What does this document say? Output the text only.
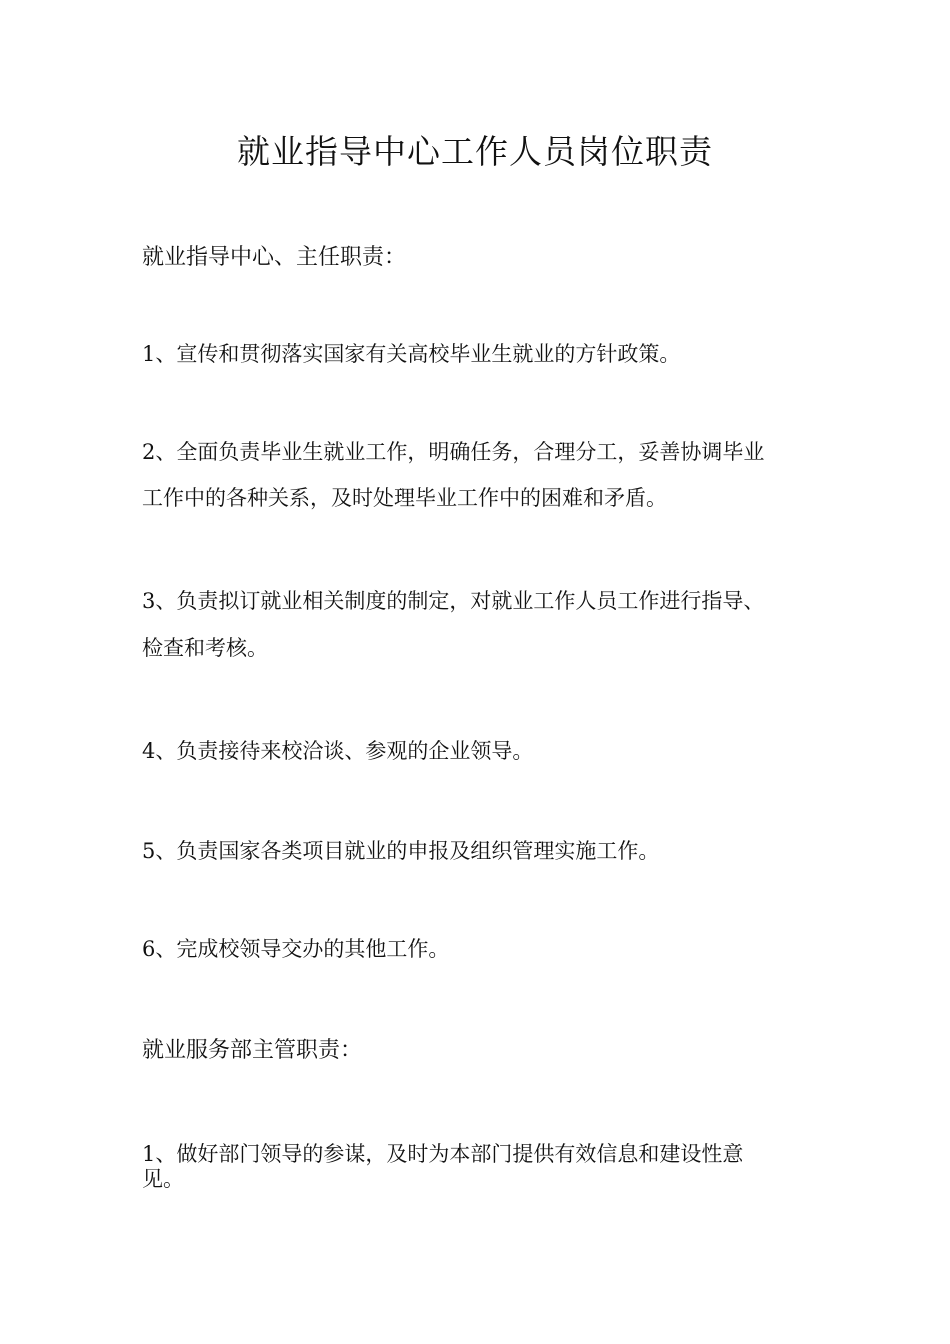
就业指导中心工作人员岗位职责
就业指导中心、主任职责：
1、宣传和贯彻落实国家有关高校毕业生就业的方针政策。
2、全面负责毕业生就业工作，明确任务，合理分工，妥善协调毕业
工作中的各种关系，及时处理毕业工作中的困难和矛盾。
3、负责拟订就业相关制度的制定，对就业工作人员工作进行指导、
检查和考核。
4、负责接待来校洽谈、参观的企业领导。
5、负责国家各类项目就业的申报及组织管理实施工作。
6、完成校领导交办的其他工作。
就业服务部主管职责：
1、做好部门领导的参谋，及时为本部门提供有效信息和建设性意
见。
